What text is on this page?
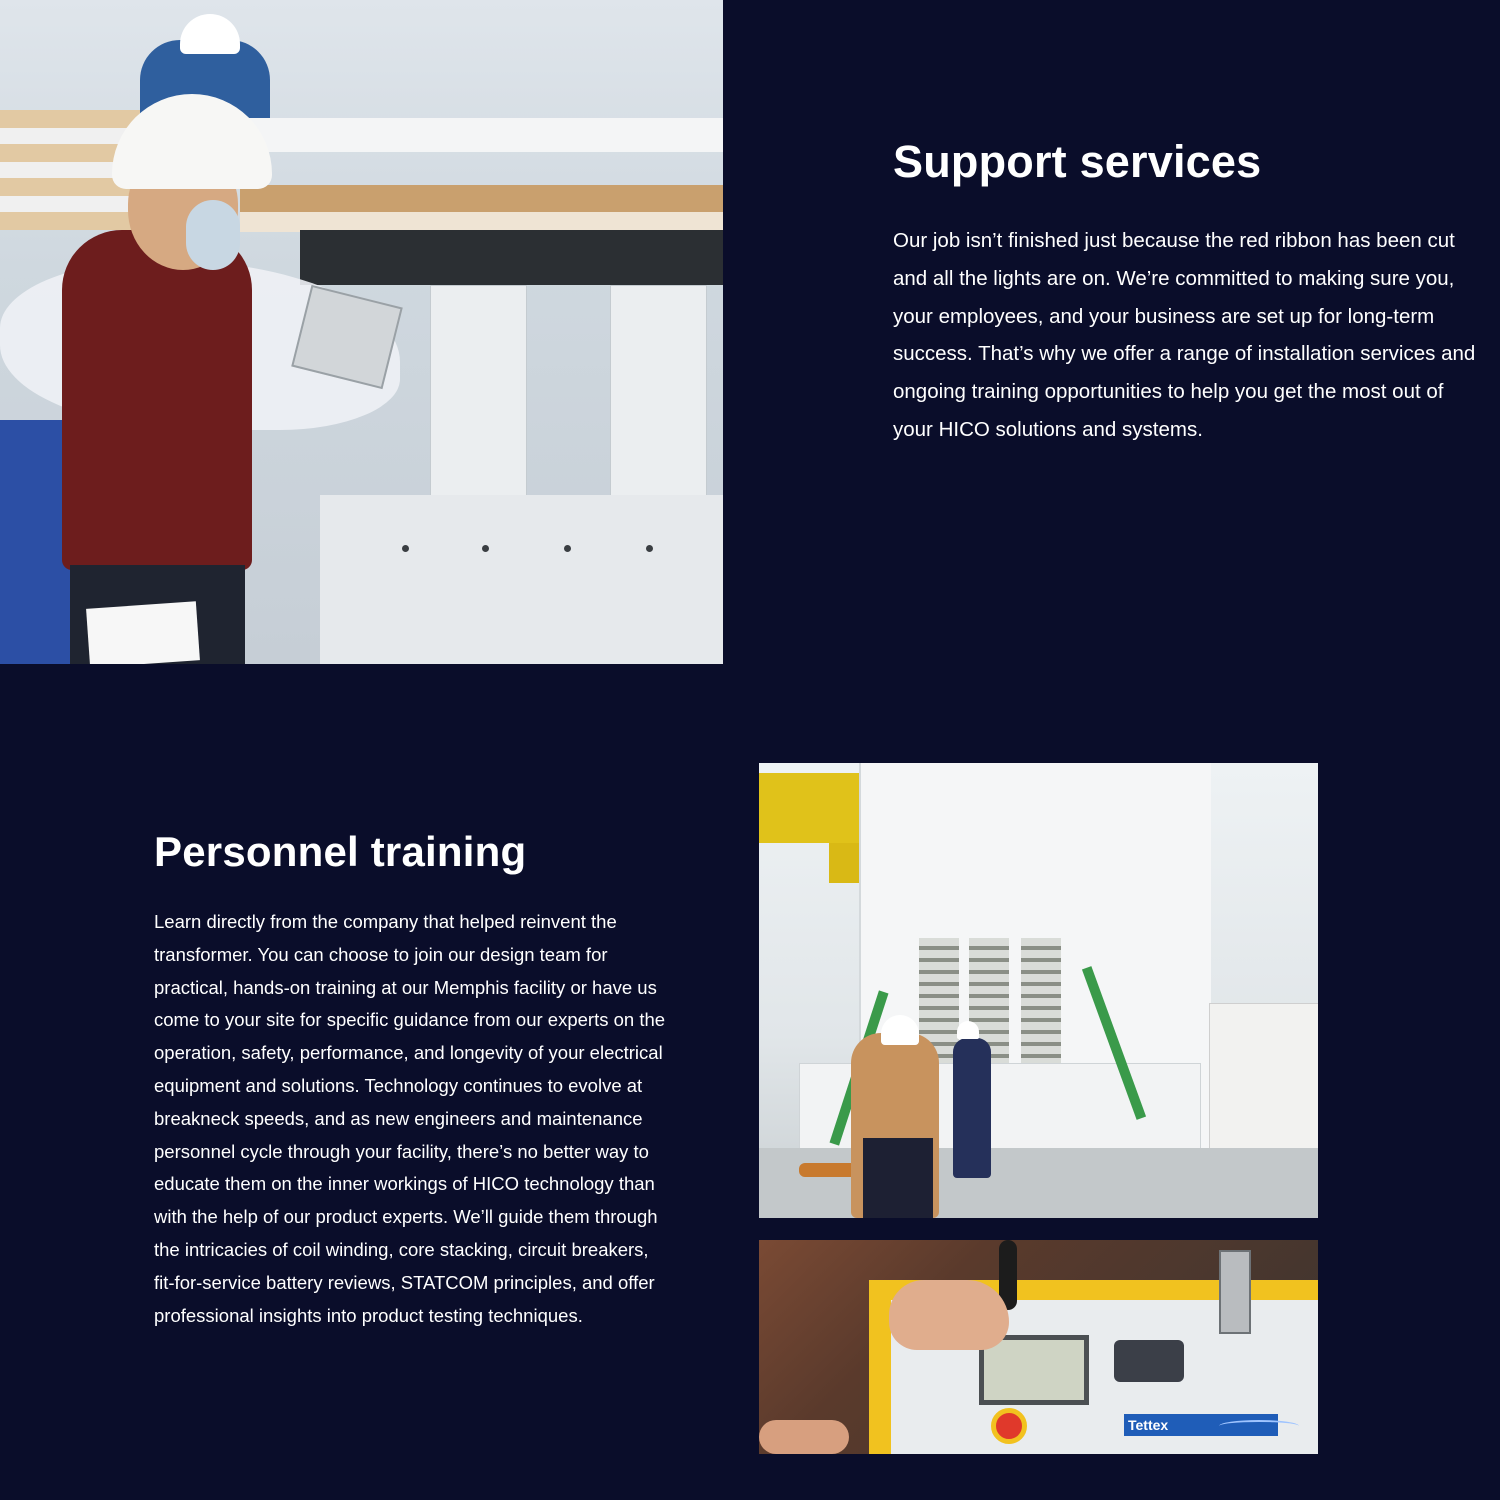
Support services

Our job isn’t finished just because the red ribbon has been cut and all the lights are on. We’re committed to making sure you, your employees, and your business are set up for long-term success. That’s why we offer a range of installation services and ongoing training opportunities to help you get the most out of your HICO solutions and systems.

Personnel training

Learn directly from the company that helped reinvent the transformer. You can choose to join our design team for practical, hands-on training at our Memphis facility or have us come to your site for specific guidance from our experts on the operation, safety, performance, and longevity of your electrical equipment and solutions. Technology continues to evolve at breakneck speeds, and as new engineers and maintenance personnel cycle through your facility, there’s no better way to educate them on the inner workings of HICO technology than with the help of our product experts. We’ll guide them through the intricacies of coil winding, core stacking, circuit breakers, fit-for-service battery reviews, STATCOM principles, and offer professional insights into product testing techniques.

Tettex
